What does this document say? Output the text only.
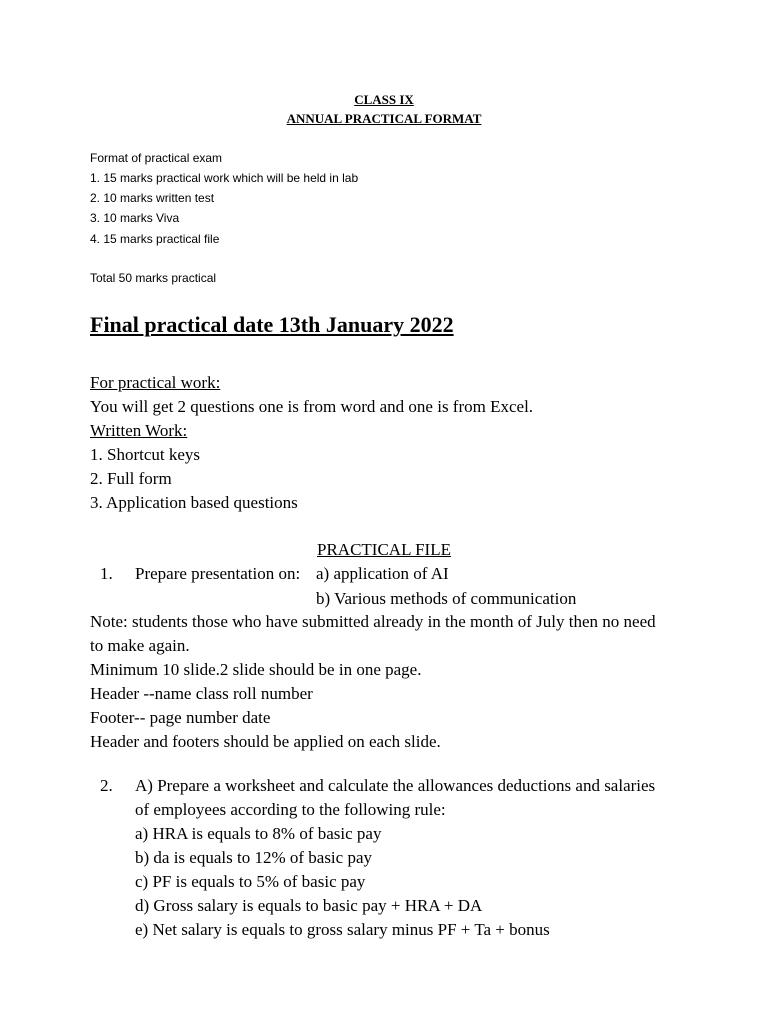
CLASS IX
ANNUAL PRACTICAL FORMAT
Format of practical exam
1. 15 marks practical work which will be held in lab
2. 10 marks written test
3. 10 marks Viva
4. 15 marks practical file
Total 50 marks practical
Final practical date 13th January 2022
For practical work:
You will get 2 questions one is from word and one is from Excel.
Written Work:
1. Shortcut keys
2. Full form
3. Application based questions
PRACTICAL FILE
1. Prepare presentation on: a) application of AI
b) Various methods of communication
Note: students those who have submitted already in the month of July then no need
to make again.
Minimum 10 slide.2 slide should be in one page.
Header --name class roll number
Footer-- page number date
Header and footers should be applied on each slide.
2. A) Prepare a worksheet and calculate the allowances deductions and salaries
of employees according to the following rule:
a) HRA is equals to 8% of basic pay
b) da is equals to 12% of basic pay
c) PF is equals to 5% of basic pay
d) Gross salary is equals to basic pay + HRA + DA
e) Net salary is equals to gross salary minus PF + Ta + bonus
